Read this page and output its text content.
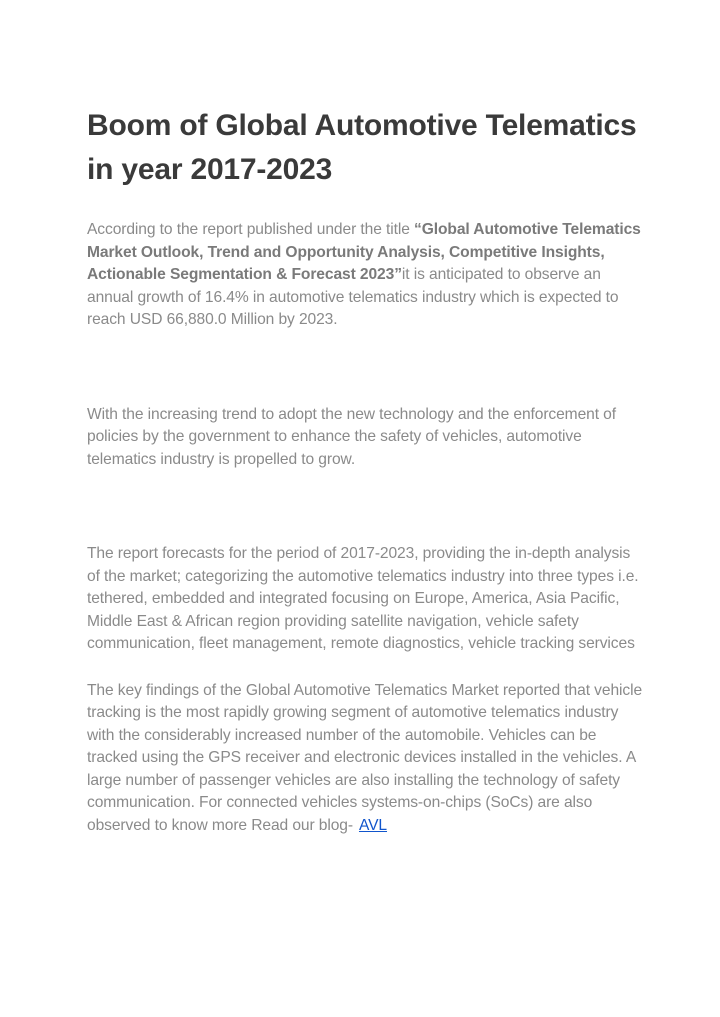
Boom of Global Automotive Telematics in year 2017-2023

According to the report published under the title “Global Automotive Telematics Market Outlook, Trend and Opportunity Analysis, Competitive Insights, Actionable Segmentation & Forecast 2023”it is anticipated to observe an annual growth of 16.4% in automotive telematics industry which is expected to reach USD 66,880.0 Million by 2023.

With the increasing trend to adopt the new technology and the enforcement of policies by the government to enhance the safety of vehicles, automotive telematics industry is propelled to grow.

The report forecasts for the period of 2017-2023, providing the in-depth analysis of the market; categorizing the automotive telematics industry into three types i.e. tethered, embedded and integrated focusing on Europe, America, Asia Pacific, Middle East & African region providing satellite navigation, vehicle safety communication, fleet management, remote diagnostics, vehicle tracking services

The key findings of the Global Automotive Telematics Market reported that vehicle tracking is the most rapidly growing segment of automotive telematics industry with the considerably increased number of the automobile. Vehicles can be tracked using the GPS receiver and electronic devices installed in the vehicles. A large number of passenger vehicles are also installing the technology of safety communication. For connected vehicles systems-on-chips (SoCs) are also observed to know more Read our blog- AVL
